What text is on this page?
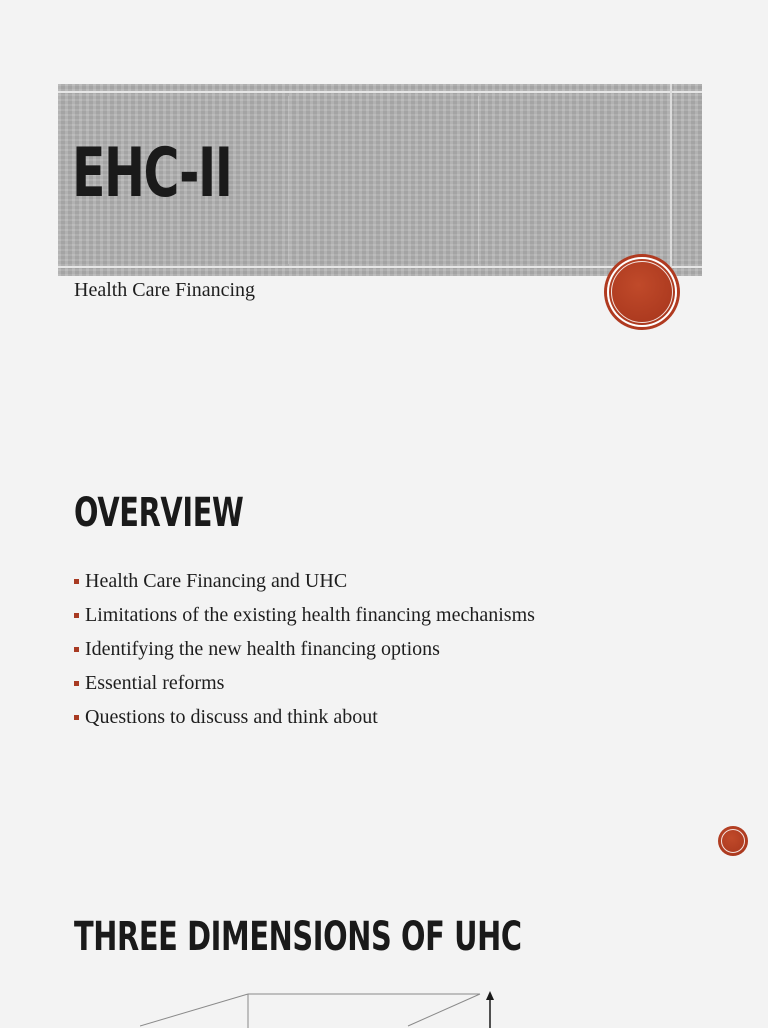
EHC-II
Health Care Financing
OVERVIEW
Health Care Financing and UHC
Limitations of the existing health financing mechanisms
Identifying the new health financing options
Essential reforms
Questions to discuss and think about
THREE DIMENSIONS OF UHC
